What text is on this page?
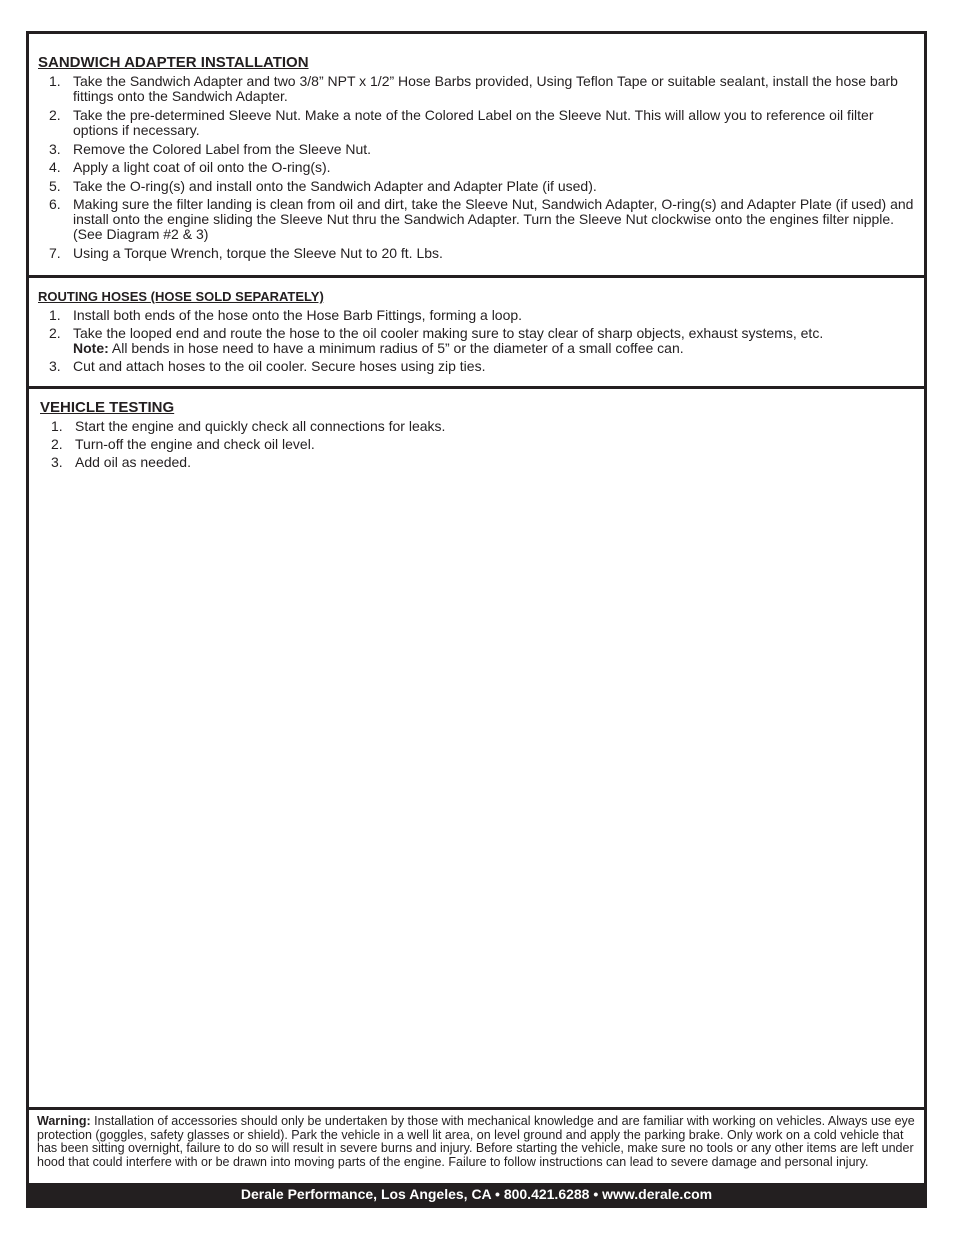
SANDWICH ADAPTER INSTALLATION
1. Take the Sandwich Adapter and two 3/8” NPT x 1/2” Hose Barbs provided, Using Teflon Tape or suitable sealant, install the hose barb fittings onto the Sandwich Adapter.
2. Take the pre-determined Sleeve Nut. Make a note of the Colored Label on the Sleeve Nut. This will allow you to reference oil filter options if necessary.
3. Remove the Colored Label from the Sleeve Nut.
4. Apply a light coat of oil onto the O-ring(s).
5. Take the O-ring(s) and install onto the Sandwich Adapter and Adapter Plate (if used).
6. Making sure the filter landing is clean from oil and dirt, take the Sleeve Nut, Sandwich Adapter, O-ring(s) and Adapter Plate (if used) and install onto the engine sliding the Sleeve Nut thru the Sandwich Adapter. Turn the Sleeve Nut clockwise onto the engines filter nipple. (See Diagram #2 & 3)
7. Using a Torque Wrench, torque the Sleeve Nut to 20 ft. Lbs.
ROUTING HOSES (HOSE SOLD SEPARATELY)
1. Install both ends of the hose onto the Hose Barb Fittings, forming a loop.
2. Take the looped end and route the hose to the oil cooler making sure to stay clear of sharp objects, exhaust systems, etc.
Note: All bends in hose need to have a minimum radius of 5” or the diameter of a small coffee can.
3. Cut and attach hoses to the oil cooler. Secure hoses using zip ties.
VEHICLE TESTING
1. Start the engine and quickly check all connections for leaks.
2. Turn-off the engine and check oil level.
3. Add oil as needed.
Warning: Installation of accessories should only be undertaken by those with mechanical knowledge and are familiar with working on vehicles. Always use eye protection (goggles, safety glasses or shield). Park the vehicle in a well lit area, on level ground and apply the parking brake. Only work on a cold vehicle that has been sitting overnight, failure to do so will result in severe burns and injury. Before starting the vehicle, make sure no tools or any other items are left under hood that could interfere with or be drawn into moving parts of the engine. Failure to follow instructions can lead to severe damage and personal injury.
Derale Performance, Los Angeles, CA • 800.421.6288 • www.derale.com
